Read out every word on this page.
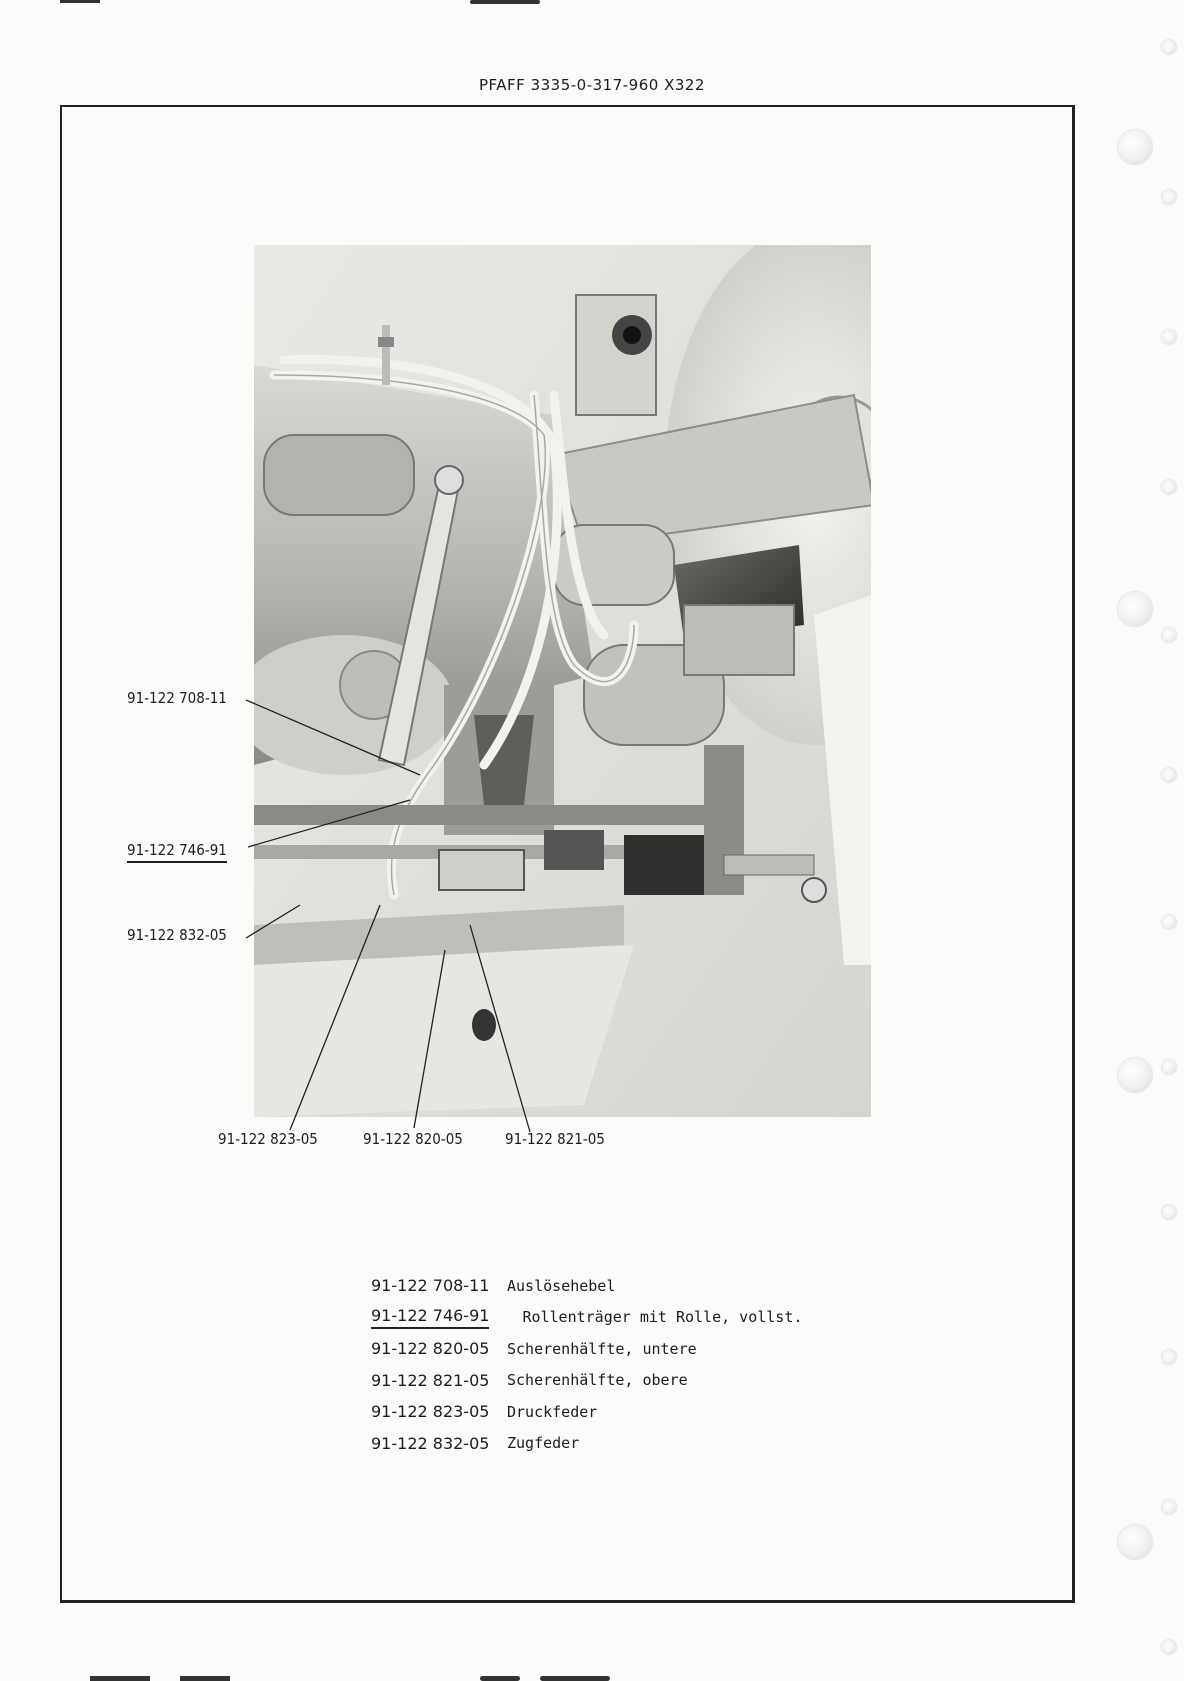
PFAFF 3335-0-317-960 X322
91-122 708-11
91-122 746-91
91-122 832-05
91-122 823-05	91-122 820-05	91-122 821-05
91-122 708-11	Auslösehebel
91-122 746-91 Rollenträger mit Rolle, vollst.
91-122 820-05	Scherenhälfte, untere
91-122 821-05	Scherenhälfte, obere
91-122 823-05	Druckfeder
91-122 832-05	Zugfeder
